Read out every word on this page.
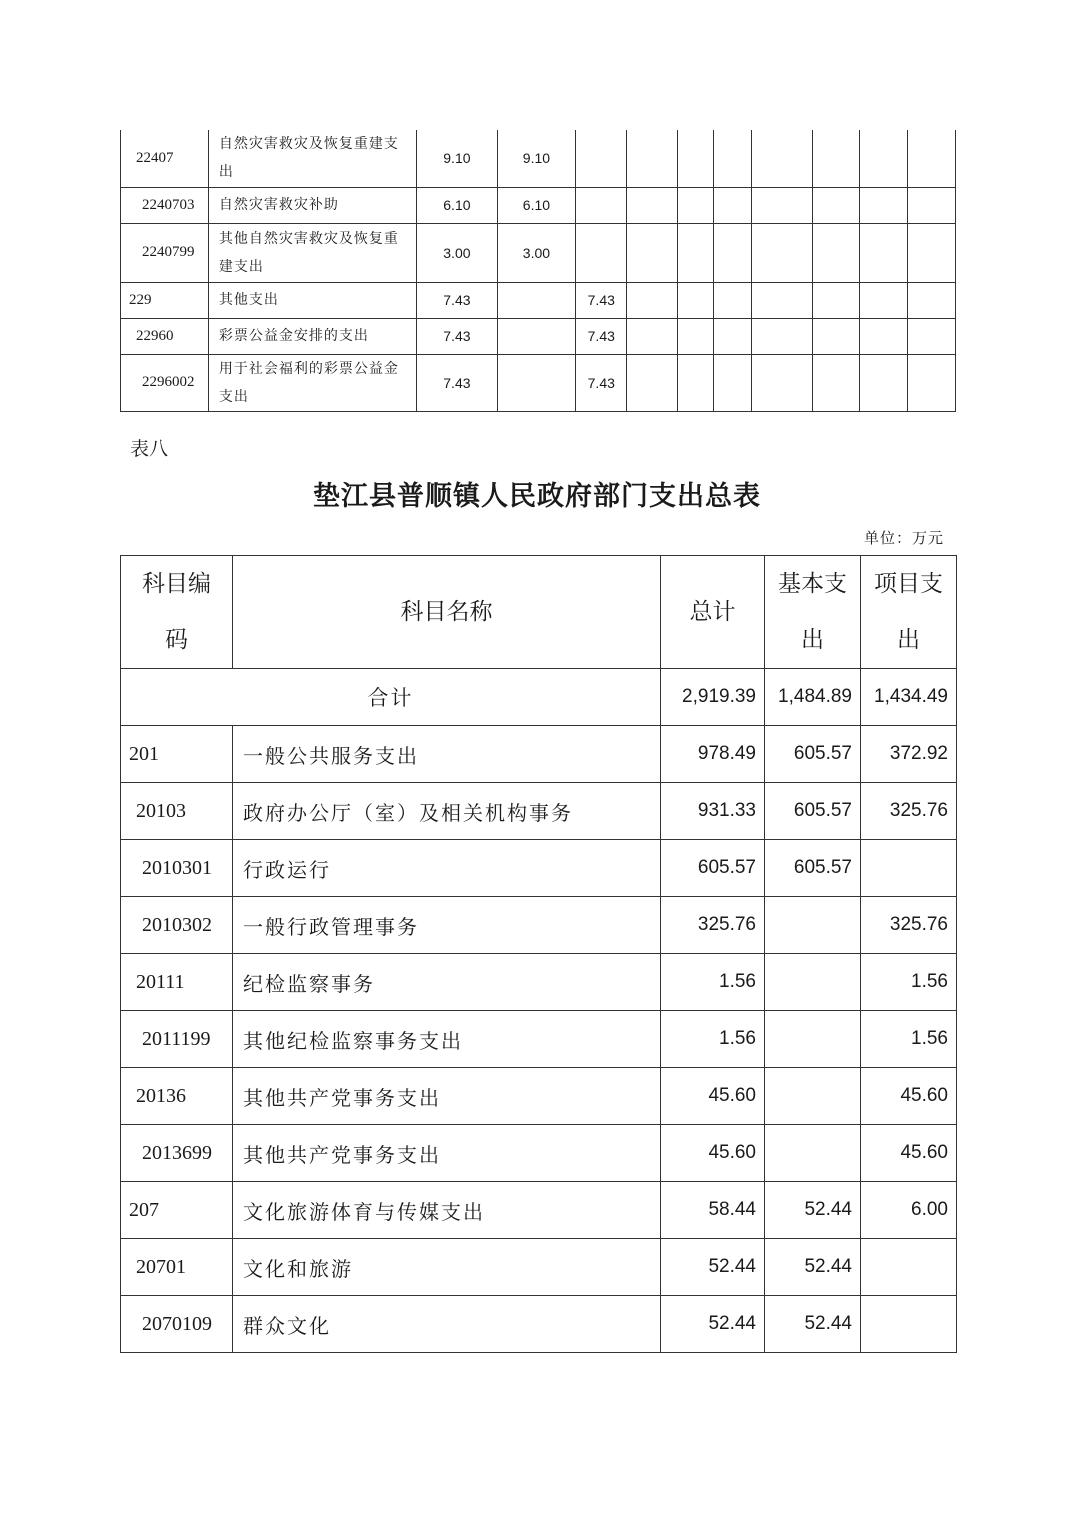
22407	自然灾害救灾及恢复重建支出	9.10	9.10								
2240703	自然灾害救灾补助	6.10	6.10								
2240799	其他自然灾害救灾及恢复重建支出	3.00	3.00								
229	其他支出	7.43		7.43							
22960	彩票公益金安排的支出	7.43		7.43							
2296002	用于社会福利的彩票公益金支出	7.43		7.43							
表八
垫江县普顺镇人民政府部门支出总表
单位：万元
科目编码	科目名称	总计	基本支出	项目支出

合计		2,919.39	1,484.89	1,434.49
201	一般公共服务支出	978.49	605.57	372.92
20103	政府办公厅（室）及相关机构事务	931.33	605.57	325.76
2010301	行政运行	605.57	605.57	
2010302	一般行政管理事务	325.76		325.76
20111	纪检监察事务	1.56		1.56
2011199	其他纪检监察事务支出	1.56		1.56
20136	其他共产党事务支出	45.60		45.60
2013699	其他共产党事务支出	45.60		45.60
207	文化旅游体育与传媒支出	58.44	52.44	6.00
20701	文化和旅游	52.44	52.44	
2070109	群众文化	52.44	52.44	
